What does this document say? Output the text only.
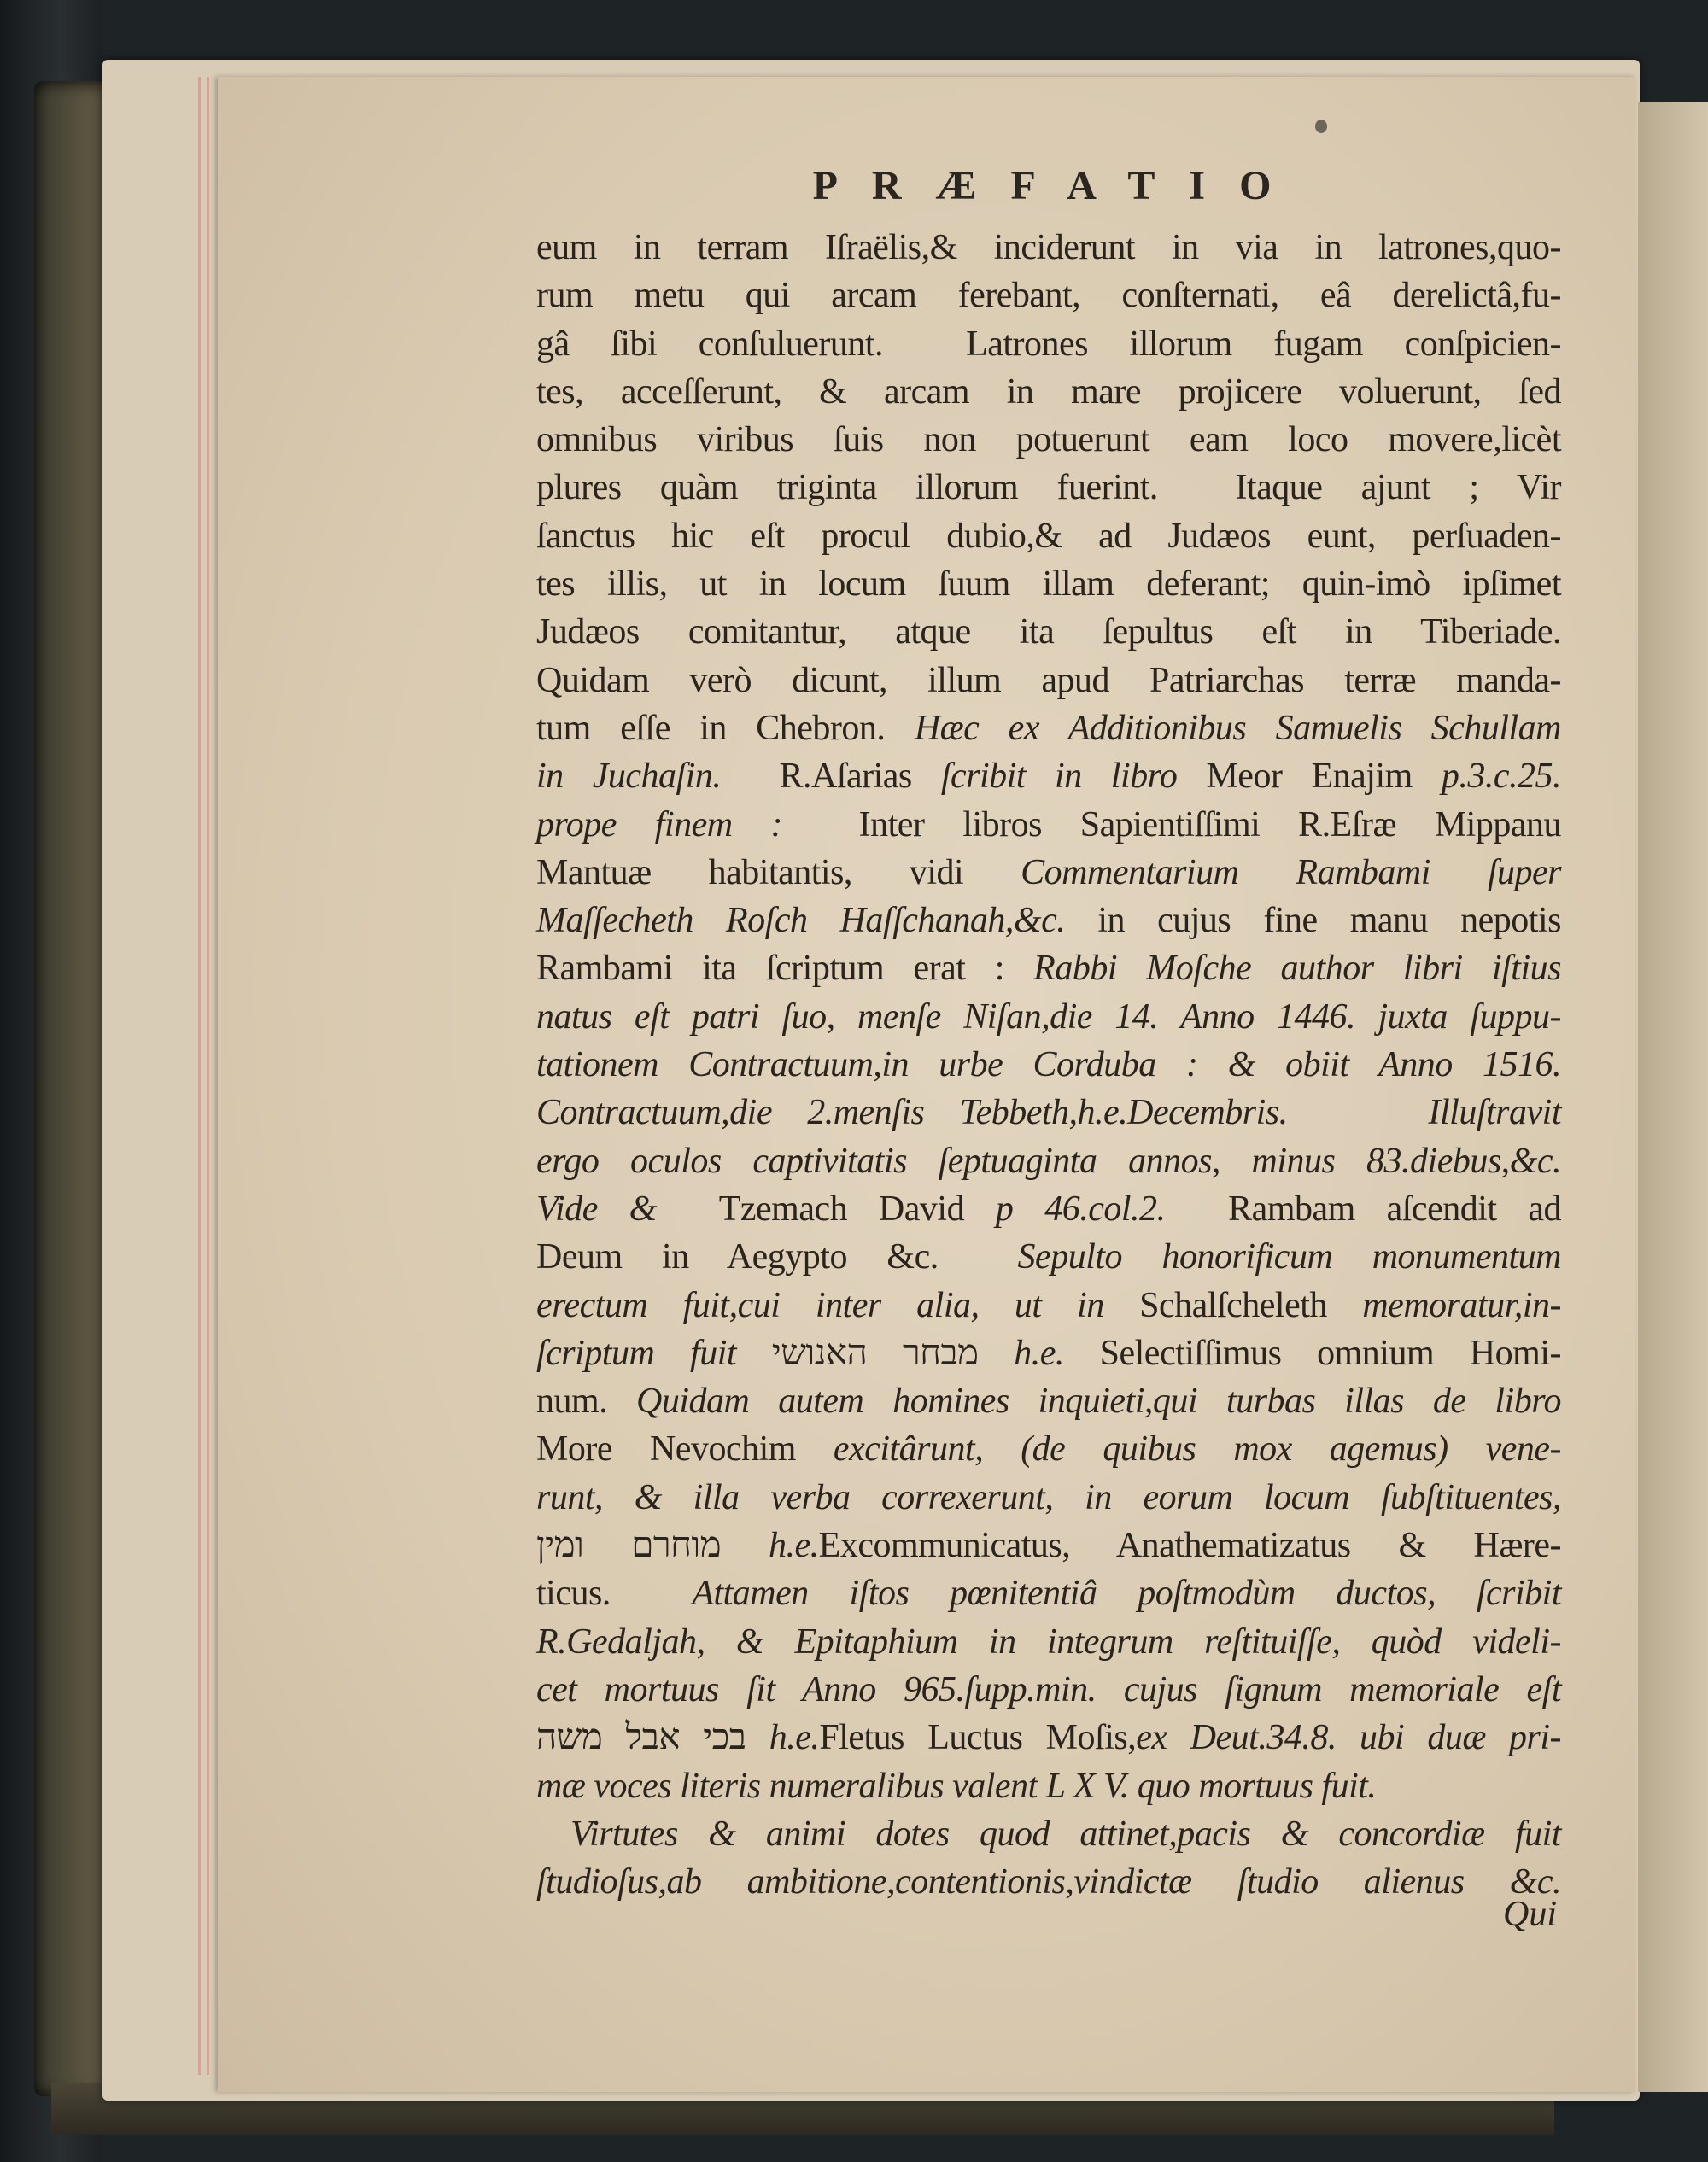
PRÆFATIO
eum in terram Iſraëlis,& inciderunt in via in latrones,quo-
rum metu qui arcam ferebant, conſternati, eâ derelictâ,fu-
gâ ſibi conſuluerunt.  Latrones illorum fugam conſpicien-
tes, acceſſerunt, & arcam in mare projicere voluerunt, ſed
omnibus viribus ſuis non potuerunt eam loco movere,licèt
plures quàm triginta illorum fuerint.  Itaque ajunt ; Vir
ſanctus hic eſt procul dubio,& ad Judæos eunt, perſuaden-
tes illis, ut in locum ſuum illam deferant; quin-imò ipſimet
Judæos comitantur, atque ita ſepultus eſt in Tiberiade.
Quidam verò dicunt, illum apud Patriarchas terræ manda-
tum eſſe in Chebron. Hæc ex Additionibus Samuelis Schullam
in Juchaſin.  R.Aſarias ſcribit in libro Meor Enajim p.3.c.25.
prope finem :  Inter libros Sapientiſſimi R.Eſræ Mippanu
Mantuæ habitantis, vidi Commentarium Rambami ſuper
Maſſecheth Roſch Haſſchanah,&c. in cujus fine manu nepotis
Rambami ita ſcriptum erat : Rabbi Moſche author libri iſtius
natus eſt patri ſuo, menſe Niſan,die 14. Anno 1446. juxta ſuppu-
tationem Contractuum,in urbe Corduba : & obiit Anno 1516.
Contractuum,die 2.menſis Tebbeth,h.e.Decembris.    Illuſtravit
ergo oculos captivitatis ſeptuaginta annos, minus 83.diebus,&c.
Vide &  Tzemach David p 46.col.2.  Rambam aſcendit ad
Deum in Aegypto &c.  Sepulto honorificum monumentum
erectum fuit,cui inter alia, ut in Schalſcheleth memoratur,in-
ſcriptum fuit מבחר האנושי h.e. Selectiſſimus omnium Homi-
num. Quidam autem homines inquieti,qui turbas illas de libro
More Nevochim excitârunt, (de quibus mox agemus) vene-
runt, & illa verba correxerunt, in eorum locum ſubſtituentes,
מוחרם ומין h.e.Excommunicatus, Anathematizatus & Hære-
ticus.  Attamen iſtos pœnitentiâ poſtmodùm ductos, ſcribit
R.Gedaljah, & Epitaphium in integrum reſtituiſſe, quòd videli-
cet mortuus ſit Anno 965.ſupp.min. cujus ſignum memoriale eſt
בכי אבל משה h.e.Fletus Luctus Moſis,ex Deut.34.8. ubi duæ pri-
mæ voces literis numeralibus valent L X V. quo mortuus fuit.
Virtutes & animi dotes quod attinet,pacis & concordiæ fuit
ſtudioſus,ab ambitione,contentionis,vindictæ ſtudio alienus &c.
Qui
